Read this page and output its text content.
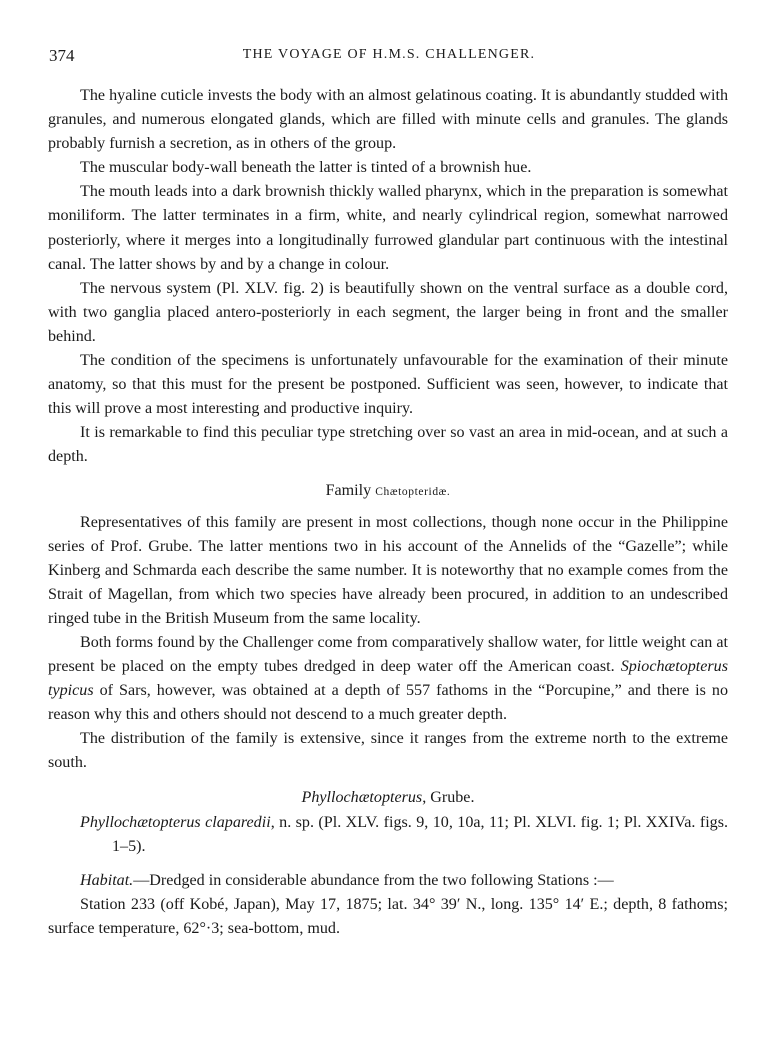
374	THE VOYAGE OF H.M.S. CHALLENGER.

The hyaline cuticle invests the body with an almost gelatinous coating. It is abundantly studded with granules, and numerous elongated glands, which are filled with minute cells and granules. The glands probably furnish a secretion, as in others of the group.

The muscular body-wall beneath the latter is tinted of a brownish hue.

The mouth leads into a dark brownish thickly walled pharynx, which in the preparation is somewhat moniliform. The latter terminates in a firm, white, and nearly cylindrical region, somewhat narrowed posteriorly, where it merges into a longitudinally furrowed glandular part continuous with the intestinal canal. The latter shows by and by a change in colour.

The nervous system (Pl. XLV. fig. 2) is beautifully shown on the ventral surface as a double cord, with two ganglia placed antero-posteriorly in each segment, the larger being in front and the smaller behind.

The condition of the specimens is unfortunately unfavourable for the examination of their minute anatomy, so that this must for the present be postponed. Sufficient was seen, however, to indicate that this will prove a most interesting and productive inquiry.

It is remarkable to find this peculiar type stretching over so vast an area in mid-ocean, and at such a depth.

Family Chætopteridæ.

Representatives of this family are present in most collections, though none occur in the Philippine series of Prof. Grube. The latter mentions two in his account of the Annelids of the “Gazelle”; while Kinberg and Schmarda each describe the same number. It is noteworthy that no example comes from the Strait of Magellan, from which two species have already been procured, in addition to an undescribed ringed tube in the British Museum from the same locality.

Both forms found by the Challenger come from comparatively shallow water, for little weight can at present be placed on the empty tubes dredged in deep water off the American coast. Spiochætopterus typicus of Sars, however, was obtained at a depth of 557 fathoms in the “Porcupine,” and there is no reason why this and others should not descend to a much greater depth.

The distribution of the family is extensive, since it ranges from the extreme north to the extreme south.

Phyllochætopterus, Grube.

Phyllochætopterus claparedii, n. sp. (Pl. XLV. figs. 9, 10, 10a, 11; Pl. XLVI. fig. 1; Pl. XXIVa. figs. 1–5).

Habitat.—Dredged in considerable abundance from the two following Stations :—

Station 233 (off Kobé, Japan), May 17, 1875; lat. 34° 39′ N., long. 135° 14′ E.; depth, 8 fathoms; surface temperature, 62°·3; sea-bottom, mud.
